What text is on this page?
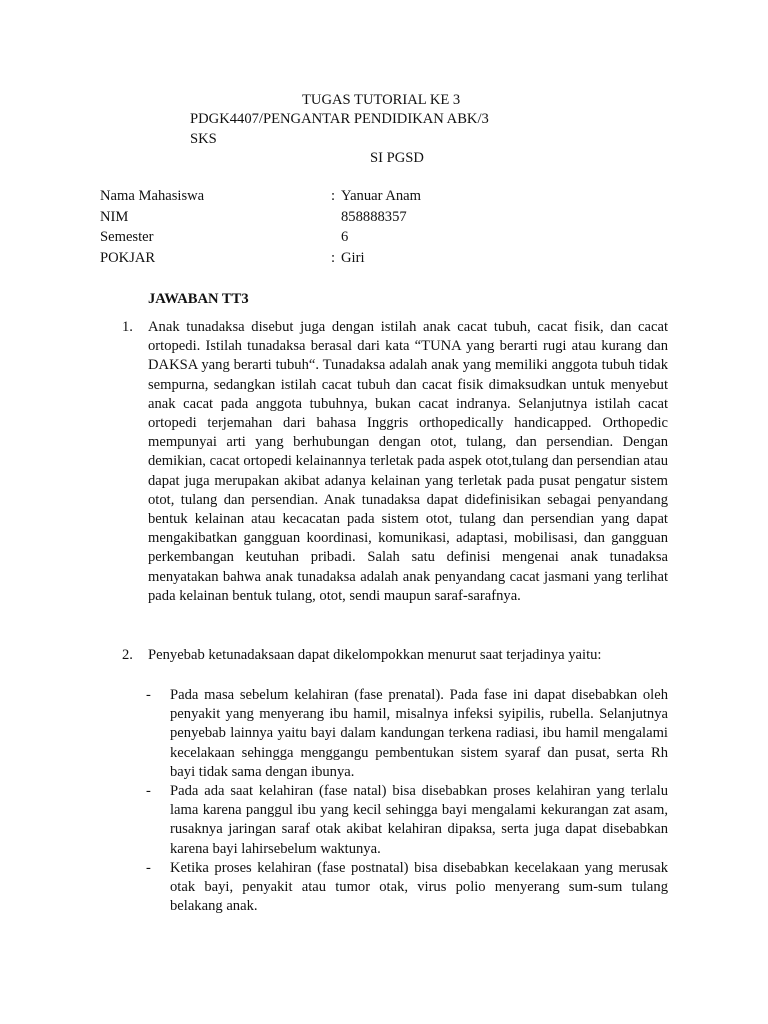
TUGAS TUTORIAL KE 3
PDGK4407/PENGANTAR PENDIDIKAN ABK/3 SKS
SI PGSD
Nama Mahasiswa	: Yanuar Anam
NIM	858888357
Semester	6
POKJAR	: Giri
JAWABAN TT3
1. Anak tunadaksa disebut juga dengan istilah anak cacat tubuh, cacat fisik, dan cacat ortopedi. Istilah tunadaksa berasal dari kata “TUNA yang berarti rugi atau kurang dan DAKSA yang berarti tubuh“. Tunadaksa adalah anak yang memiliki anggota tubuh tidak sempurna, sedangkan istilah cacat tubuh dan cacat fisik dimaksudkan untuk menyebut anak cacat pada anggota tubuhnya, bukan cacat indranya. Selanjutnya istilah cacat ortopedi terjemahan dari bahasa Inggris orthopedically handicapped. Orthopedic mempunyai arti yang berhubungan dengan otot, tulang, dan persendian. Dengan demikian, cacat ortopedi kelainannya terletak pada aspek otot,tulang dan persendian atau dapat juga merupakan akibat adanya kelainan yang terletak pada pusat pengatur sistem otot, tulang dan persendian. Anak tunadaksa dapat didefinisikan sebagai penyandang bentuk kelainan atau kecacatan pada sistem otot, tulang dan persendian yang dapat mengakibatkan gangguan koordinasi, komunikasi, adaptasi, mobilisasi, dan gangguan perkembangan keutuhan pribadi. Salah satu definisi mengenai anak tunadaksa menyatakan bahwa anak tunadaksa adalah anak penyandang cacat jasmani yang terlihat pada kelainan bentuk tulang, otot, sendi maupun saraf-sarafnya.
2. Penyebab ketunadaksaan dapat dikelompokkan menurut saat terjadinya yaitu:
- Pada masa sebelum kelahiran (fase prenatal). Pada fase ini dapat disebabkan oleh penyakit yang menyerang ibu hamil, misalnya infeksi syipilis, rubella. Selanjutnya penyebab lainnya yaitu bayi dalam kandungan terkena radiasi, ibu hamil mengalami kecelakaan sehingga menggangu pembentukan sistem syaraf dan pusat, serta Rh bayi tidak sama dengan ibunya.
- Pada ada saat kelahiran (fase natal) bisa disebabkan proses kelahiran yang terlalu lama karena panggul ibu yang kecil sehingga bayi mengalami kekurangan zat asam, rusaknya jaringan saraf otak akibat kelahiran dipaksa, serta juga dapat disebabkan karena bayi lahirsebelum waktunya.
- Ketika proses kelahiran (fase postnatal) bisa disebabkan kecelakaan yang merusak otak bayi, penyakit atau tumor otak, virus polio menyerang sum-sum tulang belakang anak.
